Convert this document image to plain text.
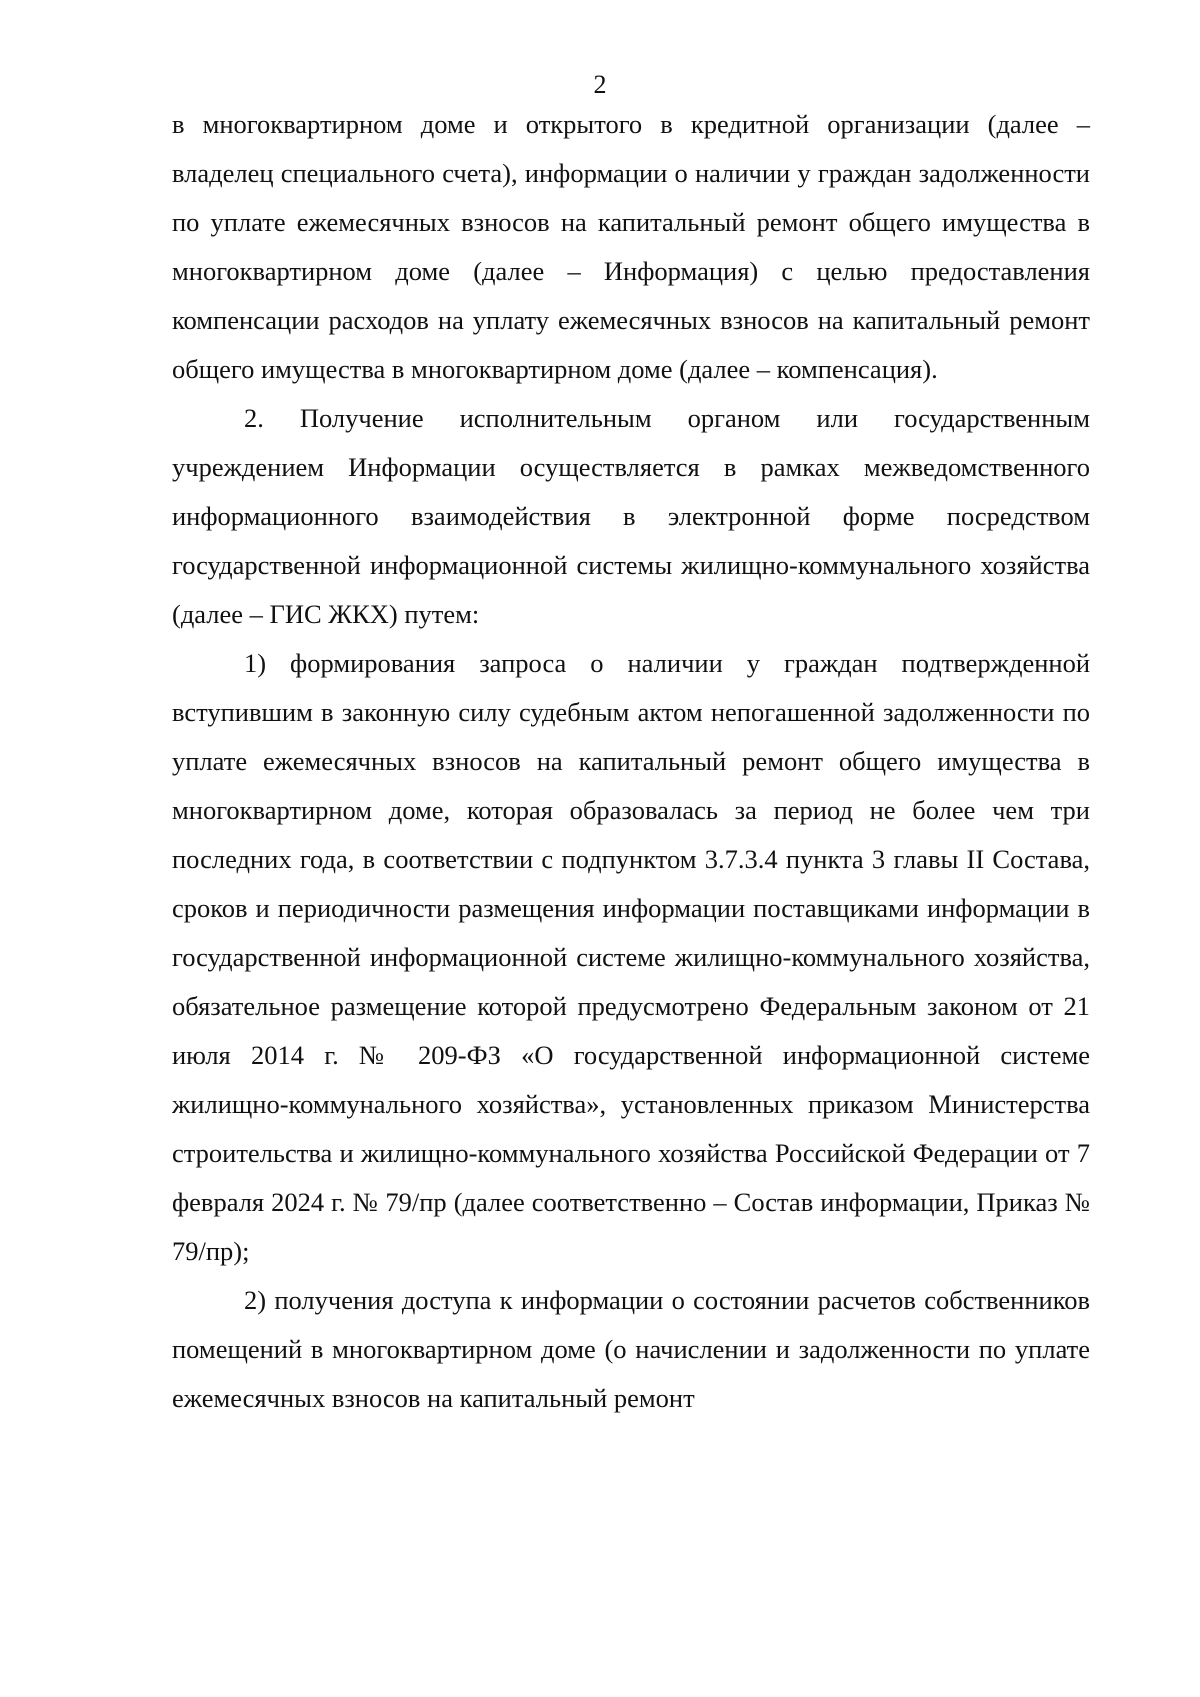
2

в многоквартирном доме и открытого в кредитной организации (далее – владелец специального счета), информации о наличии у граждан задолженности по уплате ежемесячных взносов на капитальный ремонт общего имущества в многоквартирном доме (далее – Информация) с целью предоставления компенсации расходов на уплату ежемесячных взносов на капитальный ремонт общего имущества в многоквартирном доме (далее – компенсация).

2. Получение исполнительным органом или государственным учреждением Информации осуществляется в рамках межведомственного информационного взаимодействия в электронной форме посредством государственной информационной системы жилищно-коммунального хозяйства (далее – ГИС ЖКХ) путем:

1) формирования запроса о наличии у граждан подтвержденной вступившим в законную силу судебным актом непогашенной задолженности по уплате ежемесячных взносов на капитальный ремонт общего имущества в многоквартирном доме, которая образовалась за период не более чем три последних года, в соответствии с подпунктом 3.7.3.4 пункта 3 главы II Состава, сроков и периодичности размещения информации поставщиками информации в государственной информационной системе жилищно-коммунального хозяйства, обязательное размещение которой предусмотрено Федеральным законом от 21 июля 2014 г. № 209-ФЗ «О государственной информационной системе жилищно-коммунального хозяйства», установленных приказом Министерства строительства и жилищно-коммунального хозяйства Российской Федерации от 7 февраля 2024 г. № 79/пр (далее соответственно – Состав информации, Приказ № 79/пр);

2) получения доступа к информации о состоянии расчетов собственников помещений в многоквартирном доме (о начислении и задолженности по уплате ежемесячных взносов на капитальный ремонт
